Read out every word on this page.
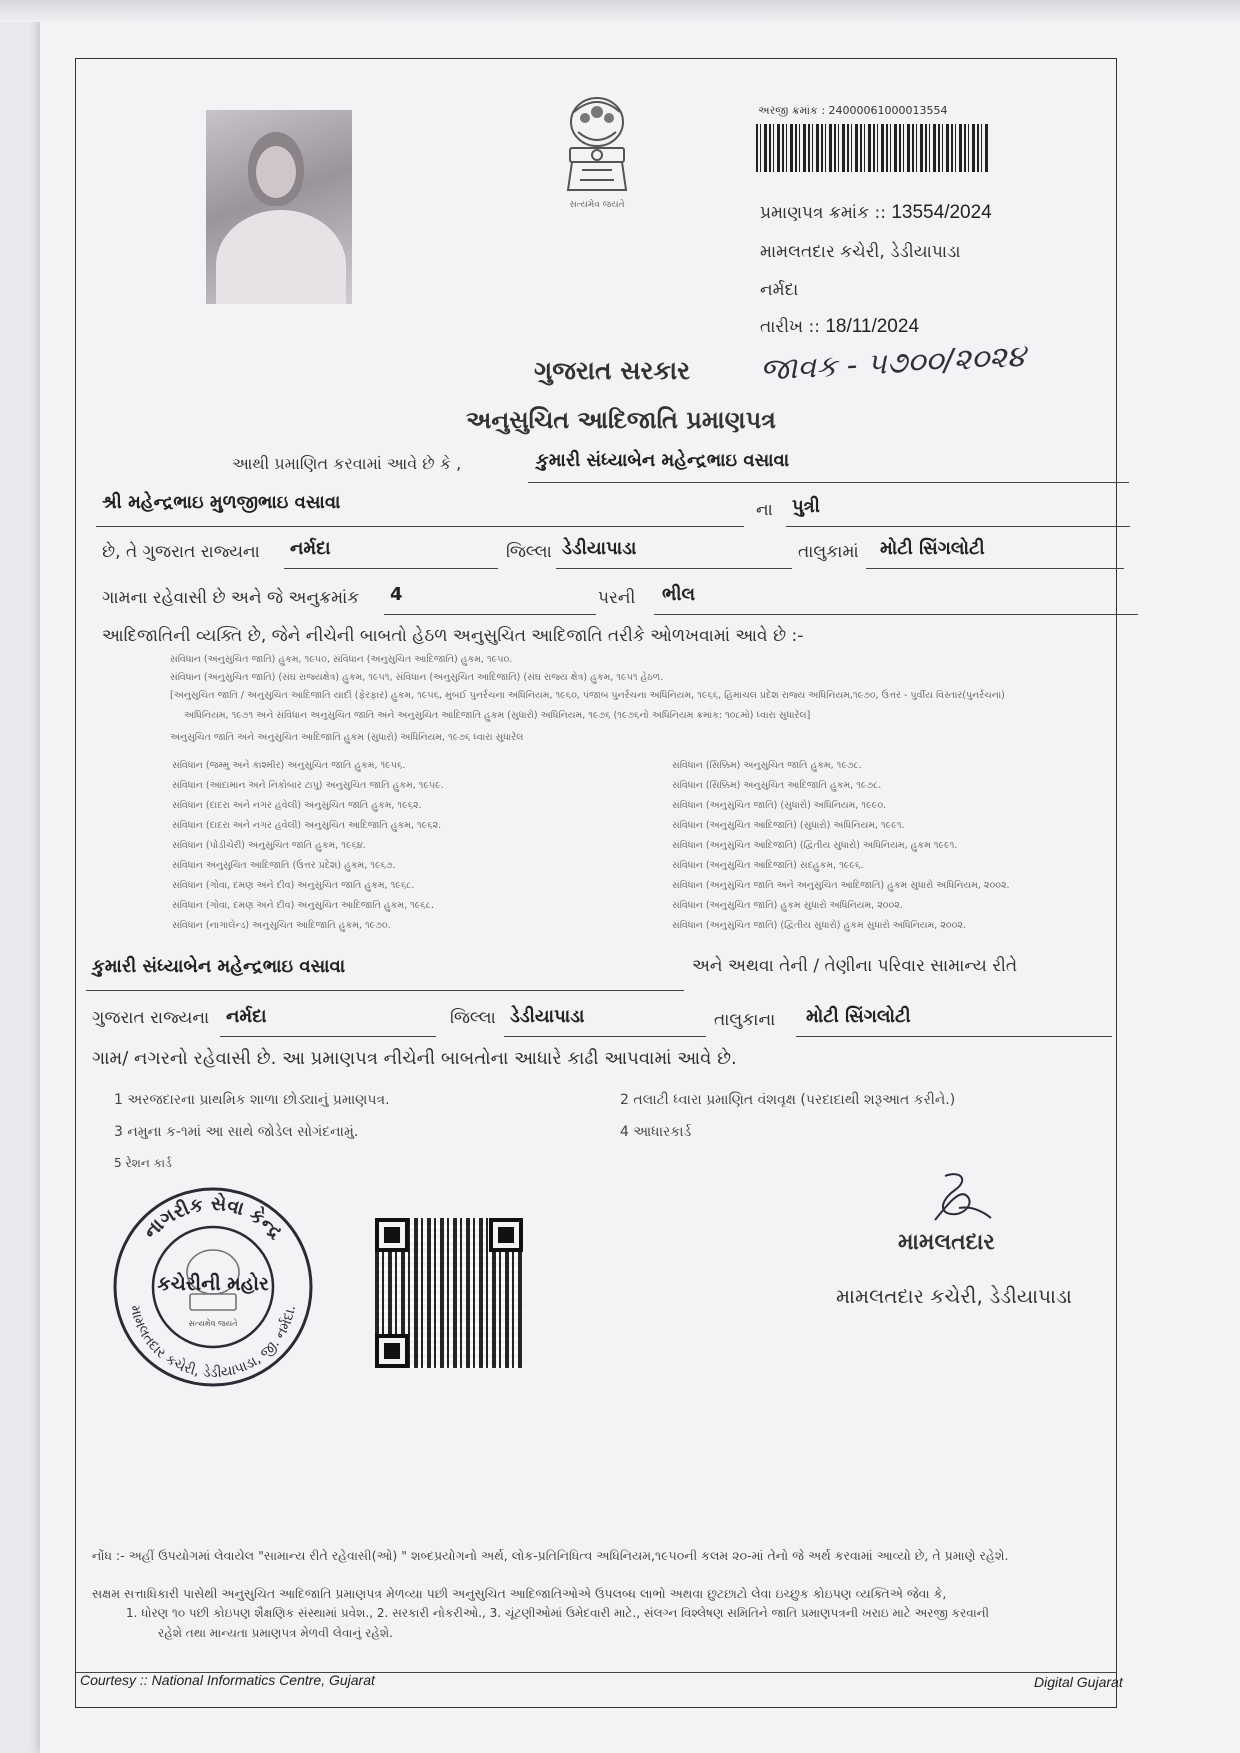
સત્યમેવ જયતે
અરજી ક્રમાંક : 24000061000013554
પ્રમાણપત્ર ક્રમાંક :: 13554/2024
મામલતદાર કચેરી, ડેડીયાપાડા
નર્મદા
તારીખ :: 18/11/2024
ગુજરાત સરકાર જાવક - ૫૭૦૦/૨૦૨૪
અનુસુચિત આદિજાતિ પ્રમાણપત્ર
આથી પ્રમાણિત કરવામાં આવે છે કે ,	કુમારી સંધ્યાબેન મહેન્દ્રભાઇ વસાવા
શ્રી મહેન્દ્રભાઇ મુળજીભાઇ વસાવા	ના પુત્રી
છે, તે ગુજરાત રાજ્યના નર્મદા	જિલ્લા ડેડીયાપાડા	તાલુકામાં મોટી સિંગલોટી
ગામના રહેવાસી છે અને જે અનુક્રમાંક 4	પરની ભીલ
આદિજાતિની વ્યક્તિ છે, જેને નીચેની બાબતો હેઠળ અનુસુચિત આદિજાતિ તરીકે ઓળખવામાં આવે છે :-
સંવિધાન (અનુસુચિત જાતિ) હુકમ, ૧૯૫૦, સંવિધાન (અનુસુચિત આદિજાતિ) હુકમ, ૧૯૫૦.
સંવિધાન (અનુસુચિત જાતિ) (સંઘ રાજ્યક્ષેત્ર) હુકમ, ૧૯૫૧, સંવિધાન (અનુસુચિત આદિજાતિ) (સંઘ રાજ્ય ક્ષેત્ર) હુકમ, ૧૯૫૧ હેઠળ.
[અનુસુચિત જાતિ / અનુસુચિત આદિજાતિ યાદી (ફેરફાર) હુકમ, ૧૯૫૬, મુંબઈ પુનર્રચના અધિનિયમ, ૧૯૬૦, પંજાબ પુનર્રચના અધિનિયમ, ૧૯૬૬, હિમાચલ પ્રદેશ રાજ્ય અધિનિયમ,૧૯૭૦, ઉત્તર - પુર્વીય વિસ્તાર(પુનર્રચના)
અધિનિયમ, ૧૯૭૧ અને સંવિધાન અનુસુચિત જાતિ અને અનુસુચિત આદિજાતિ હુકમ (સુધારો) અધિનિયમ, ૧૯૭૬ (૧૯૭૬નો અધિનિયમ ક્રમાંક: ૧૦૮મો) ધ્વારા સુધારેલ]
અનુસુચિત જાતિ અને અનુસુચિત આદિજાતિ હુકમ (સુધારો) અધિનિયમ, ૧૯૭૬ ધ્વારા સુધારેલ
સંવિધાન (જમ્મુ અને કાશ્મીર) અનુસુચિત જાતિ હુકમ, ૧૯૫૬.
સંવિધાન (આંદામાન અને નિકોબાર ટાપુ) અનુસુચિત જાતિ હુકમ, ૧૯૫૯.
સંવિધાન (દાદરા અને નગર હવેલી) અનુસુચિત જાતિ હુકમ, ૧૯૬૨.
સંવિધાન (દાદરા અને નગર હવેલી) અનુસુચિત આદિજાતિ હુકમ, ૧૯૬૨.
સંવિધાન (પોંડીચેરી) અનુસુચિત જાતિ હુકમ, ૧૯૬૪.
સંવિધાન અનુસુચિત આદિજાતિ (ઉત્તર પ્રદેશ) હુકમ, ૧૯૬૭.
સંવિધાન (ગોવા, દમણ અને દીવ) અનુસુચિત જાતિ હુકમ, ૧૯૬૮.
સંવિધાન (ગોવા, દમણ અને દીવ) અનુસુચિત આદિજાતિ હુકમ, ૧૯૬૮.
સંવિધાન (નાગાલેન્ડ) અનુસુચિત આદિજાતિ હુકમ, ૧૯૭૦.
સંવિધાન (સિક્કિમ) અનુસુચિત જાતિ હુકમ, ૧૯૭૮.
સંવિધાન (સિક્કિમ) અનુસુચિત આદિજાતિ હુકમ, ૧૯૭૮.
સંવિધાન (અનુસુચિત જાતિ) (સુધારો) અધિનિયમ, ૧૯૯૦.
સંવિધાન (અનુસુચિત આદિજાતિ) (સુધારો) અધિનિયમ, ૧૯૯૧.
સંવિધાન (અનુસુચિત આદિજાતિ) (દ્વિતીય સુધારો) અધિનિયમ, હુકમ ૧૯૯૧.
સંવિધાન (અનુસુચિત આદિજાતિ) સદહુકમ, ૧૯૯૬.
સંવિધાન (અનુસુચિત જાતિ અને અનુસુચિત આદિજાતિ) હુકમ સુધારો અધિનિયમ, ૨૦૦૨.
સંવિધાન (અનુસુચિત જાતિ) હુકમ સુધારો અધિનિયમ, ૨૦૦૨.
સંવિધાન (અનુસુચિત જાતિ) (દ્વિતીય સુધારો) હુકમ સુધારો અધિનિયમ, ૨૦૦૨.
કુમારી સંધ્યાબેન મહેન્દ્રભાઇ વસાવા	અને અથવા તેની / તેણીના પરિવાર સામાન્ય રીતે
ગુજરાત રાજ્યના નર્મદા	જિલ્લા ડેડીયાપાડા	તાલુકાના મોટી સિંગલોટી
ગામ/ નગરનો રહેવાસી છે. આ પ્રમાણપત્ર નીચેની બાબતોના આધારે કાઢી આપવામાં આવે છે.
1 અરજદારના પ્રાથમિક શાળા છોડ્યાનું પ્રમાણપત્ર.	2 તલાટી ધ્વારા પ્રમાણિત વંશવૃક્ષ (પરદાદાથી શરૂઆત કરીને.)
3 નમુના ક-૧માં આ સાથે જોડેલ સોગંદનામું.	4 આધારકાર્ડ
5 રેશન કાર્ડ
નાગરીક સેવા કેન્દ્ર
મામલતદાર કચેરી, ડેડીયાપાડા, જી. નર્મદા.
કચેરીની મહોર
સત્યમેવ જયતે
મામલતદાર
મામલતદાર કચેરી, ડેડીયાપાડા
નોંધ :- અહીં ઉપયોગમાં લેવાયેલ "સામાન્ય રીતે રહેવાસી(ઓ) " શબ્દપ્રયોગનો અર્થ, લોક-પ્રતિનિધિત્વ અધિનિયમ,૧૯૫૦ની કલમ ૨૦-માં તેનો જે અર્થ કરવામાં આવ્યો છે, તે પ્રમાણે રહેશે.
સક્ષમ સત્તાધિકારી પાસેથી અનુસુચિત આદિજાતિ પ્રમાણપત્ર મેળવ્યા પછી અનુસુચિત આદિજાતિઓએ ઉપલબ્ધ લાભો અથવા છુટછાટો લેવા ઇચ્છુક કોઇપણ વ્યક્તિએ જેવા કે,
1. ધોરણ ૧૦ પછી કોઇપણ શૈક્ષણિક સંસ્થામાં પ્રવેશ., 2. સરકારી નોકરીઓ., 3. ચૂંટણીઓમાં ઉમેદવારી માટે., સંલગ્ન વિશ્લેષણ સમિતિને જાતિ પ્રમાણપત્રની ખરાઇ માટે અરજી કરવાની
રહેશે તથા માન્યતા પ્રમાણપત્ર મેળવી લેવાનું રહેશે.
Courtesy :: National Informatics Centre, Gujarat	Digital Gujarat
